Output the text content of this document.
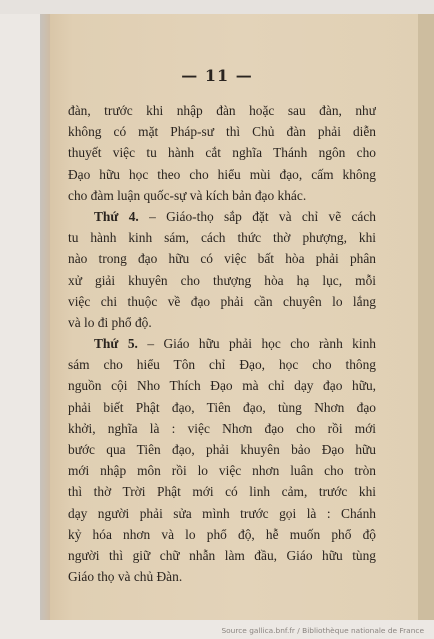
— 11 —
đàn, trước khi nhập đàn hoặc sau đàn, như
không có mặt Pháp-sư thì Chủ đàn phải diễn
thuyết việc tu hành cắt nghĩa Thánh ngôn cho
Đạo hữu học theo cho hiểu mùi đạo, cấm không
cho đàm luận quốc-sự và kích bản đạo khác.
Thứ 4. – Giáo-thọ sắp đặt và chỉ vẽ cách
tu hành kinh sám, cách thức thờ phượng, khi
nào trong đạo hữu có việc bất hòa phải phân
xử giải khuyên cho thượng hòa hạ lục, mỗi
việc chi thuộc về đạo phải cần chuyên lo lắng
và lo đi phổ độ.
Thứ 5. – Giáo hữu phải học cho rành kinh
sám cho hiểu Tôn chỉ Đạo, học cho thông
nguồn cội Nho Thích Đạo mà chỉ dạy đạo hữu,
phải biết Phật đạo, Tiên đạo, tùng Nhơn đạo
khởi, nghĩa là : việc Nhơn đạo cho rồi mới
bước qua Tiên đạo, phải khuyên bảo Đạo hữu
mới nhập môn rồi lo việc nhơn luân cho tròn
thì thờ Trời Phật mới có linh cảm, trước khi
dạy người phải sửa mình trước gọi là : Chánh
kỷ hóa nhơn và lo phổ độ, hễ muốn phổ độ
người thì giữ chữ nhẫn làm đầu, Giáo hữu tùng
Giáo thọ và chủ Đàn.
Source gallica.bnf.fr / Bibliothèque nationale de France
